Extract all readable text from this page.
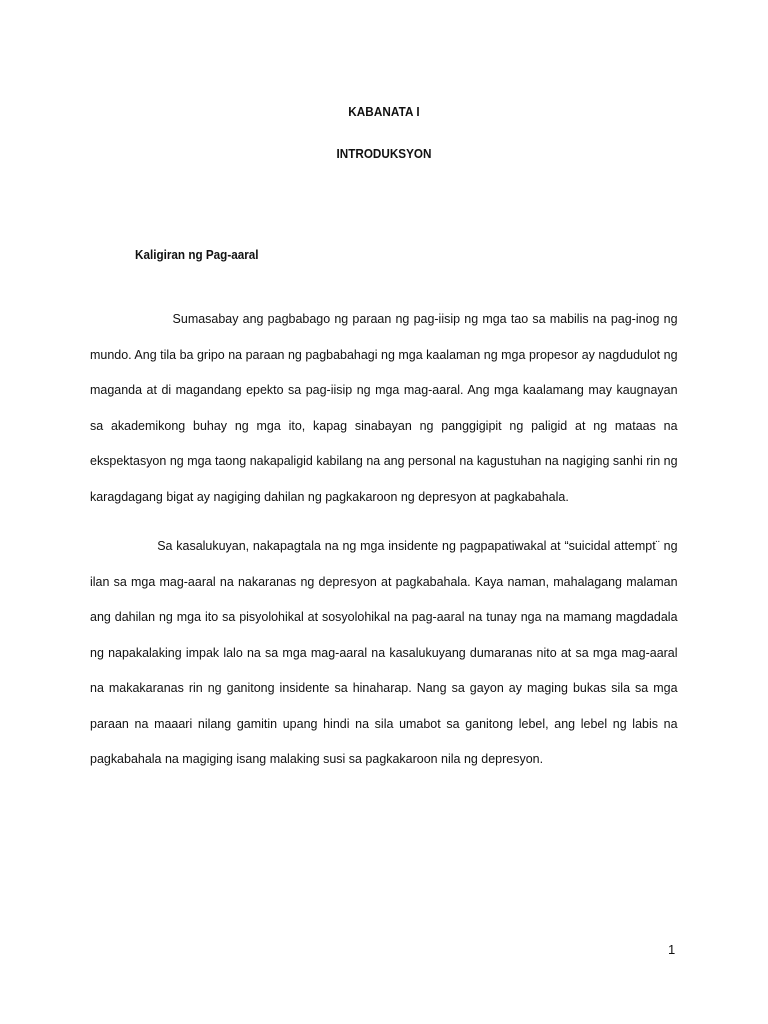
KABANATA I
INTRODUKSYON
Kaligiran ng Pag-aaral

Sumasabay ang pagbabago ng paraan ng pag-iisip ng mga tao sa mabilis na pag-inog ng mundo. Ang tila ba gripo na paraan ng pagbabahagi ng mga kaalaman ng mga propesor ay nagdudulot ng maganda at di magandang epekto sa pag-iisip ng mga mag-aaral. Ang mga kaalamang may kaugnayan sa akademikong buhay ng mga ito, kapag sinabayan ng panggigipit ng paligid at ng mataas na ekspektasyon ng mga taong nakapaligid kabilang na ang personal na kagustuhan na nagiging sanhi rin ng karagdagang bigat ay nagiging dahilan ng pagkakaroon ng depresyon at pagkabahala.

Sa kasalukuyan, nakapagtala na ng mga insidente ng pagpapatiwakal at “suicidal attempt¨ ng ilan sa mga mag-aaral na nakaranas ng depresyon at pagkabahala. Kaya naman, mahalagang malaman ang dahilan ng mga ito sa pisyolohikal at sosyolohikal na pag-aaral na tunay nga na mamang magdadala ng napakalaking impak lalo na sa mga mag-aaral na kasalukuyang dumaranas nito at sa mga mag-aaral na makakaranas rin ng ganitong insidente sa hinaharap. Nang sa gayon ay maging bukas sila sa mga paraan na maaari nilang gamitin upang hindi na sila umabot sa ganitong lebel, ang lebel ng labis na pagkabahala na magiging isang malaking susi sa pagkakaroon nila ng depresyon.

1
